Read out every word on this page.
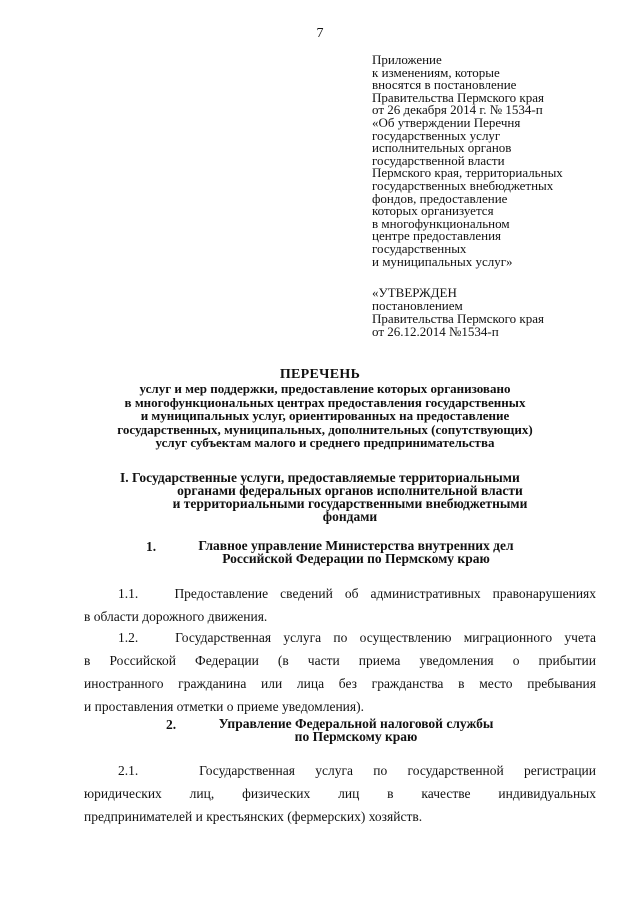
7
Приложение
к изменениям, которые
вносятся в постановление
Правительства Пермского края
от 26 декабря 2014 г. № 1534-п
«Об утверждении Перечня
государственных услуг
исполнительных органов
государственной власти
Пермского края, территориальных
государственных внебюджетных
фондов, предоставление
которых организуется
в многофункциональном
центре предоставления
государственных
и муниципальных услуг»
«УТВЕРЖДЕН
постановлением
Правительства Пермского края
от 26.12.2014 №1534-п
ПЕРЕЧЕНЬ
услуг и мер поддержки, предоставление которых организовано
в многофункциональных центрах предоставления государственных
и муниципальных услуг, ориентированных на предоставление
государственных, муниципальных, дополнительных (сопутствующих)
услуг субъектам малого и среднего предпринимательства
I. Государственные услуги, предоставляемые территориальными
органами федеральных органов исполнительной власти
и территориальными государственными внебюджетными
фондами
1.	Главное управление Министерства внутренних дел
Российской Федерации по Пермскому краю
1.1.	Предоставление сведений об административных правонарушениях
в области дорожного движения.
1.2.	Государственная услуга по осуществлению миграционного учета
в Российской Федерации (в части приема уведомления о прибытии
иностранного гражданина или лица без гражданства в место пребывания
и проставления отметки о приеме уведомления).
2.	Управление Федеральной налоговой службы
по Пермскому краю
2.1.	Государственная услуга по государственной регистрации
юридических лиц, физических лиц в качестве индивидуальных
предпринимателей и крестьянских (фермерских) хозяйств.
